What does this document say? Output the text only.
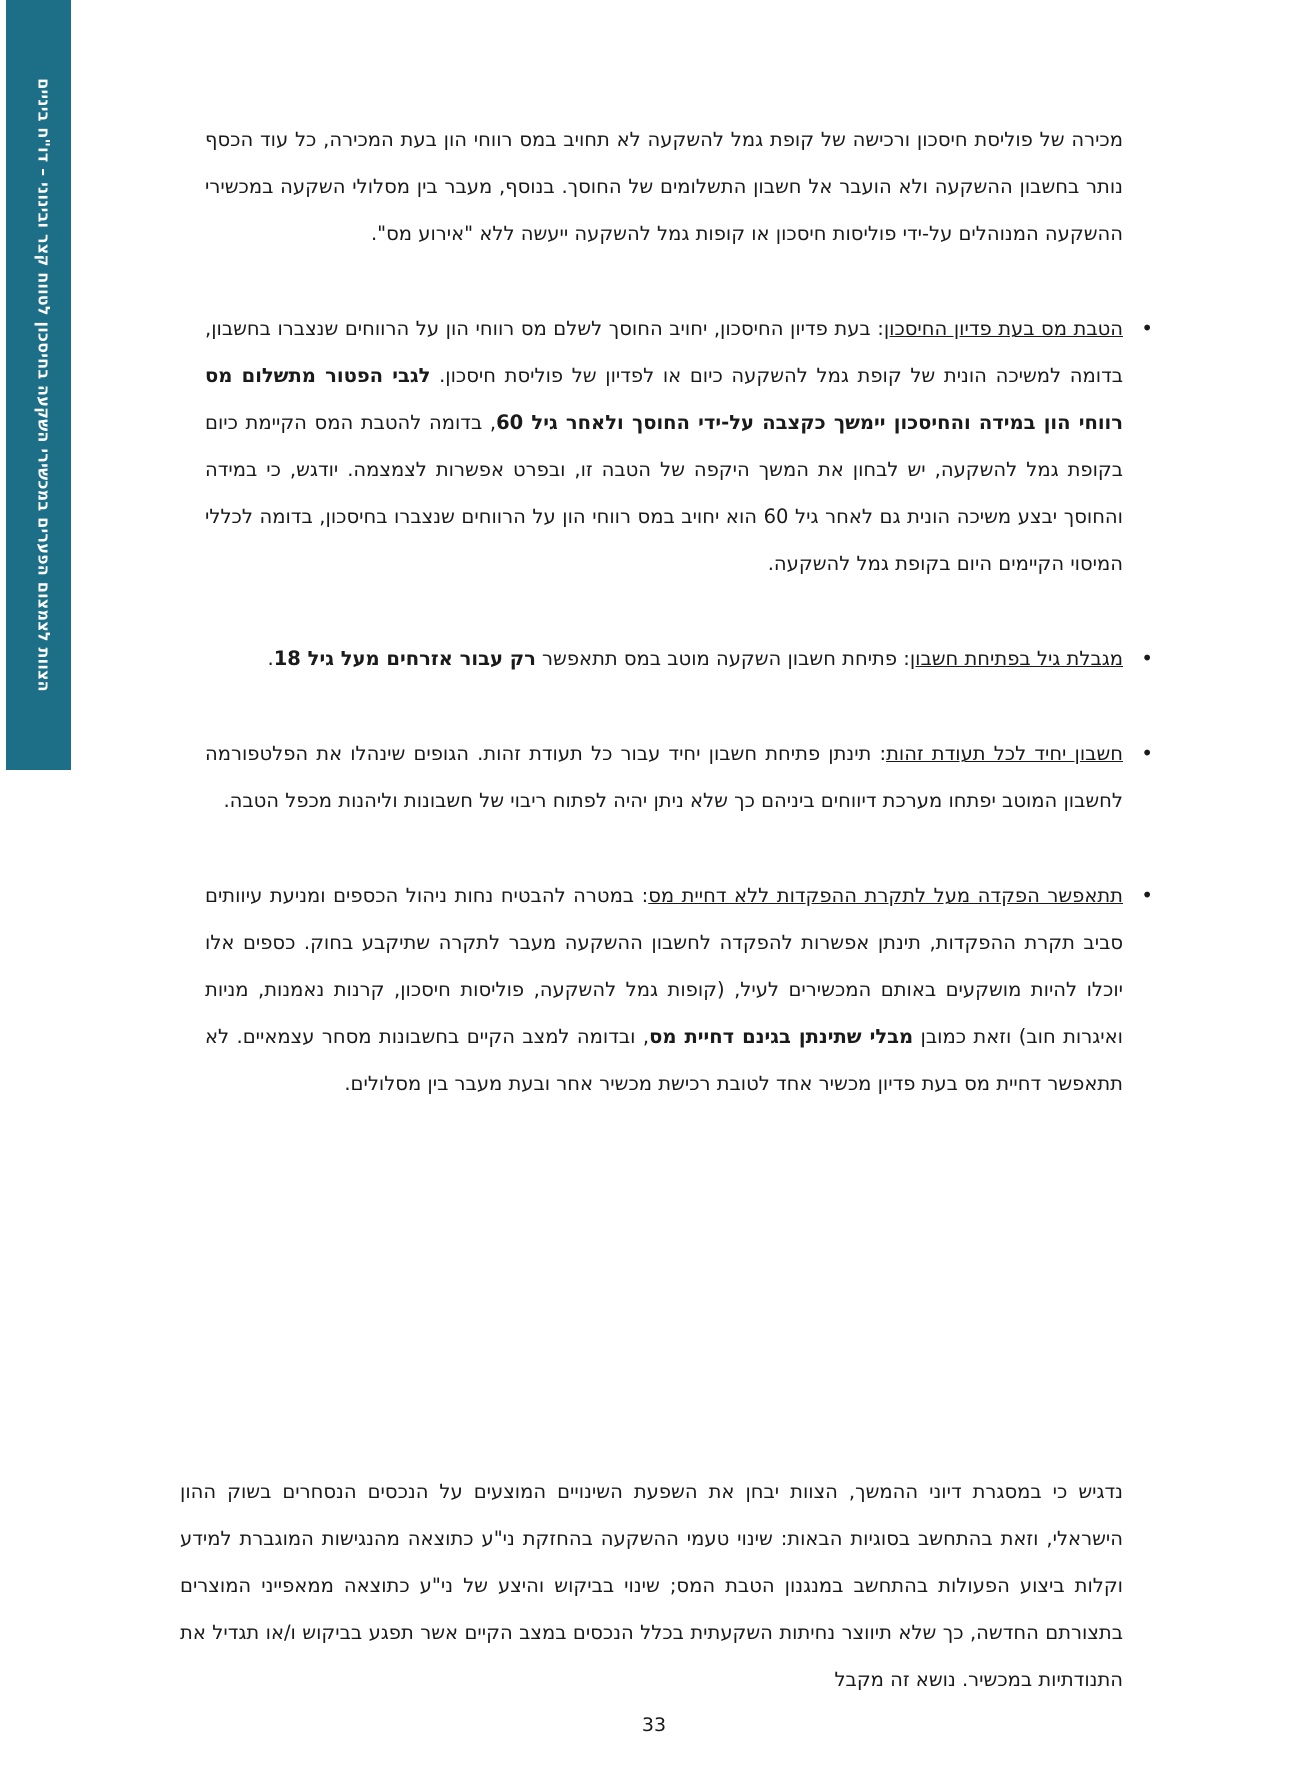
הצוות לצמצום הפערים במכשירי השקעה בחיסכון לטווח קצר ובינוני – דו"ח ביניים	מכירה של פוליסת חיסכון ורכישה של קופת גמל להשקעה לא תחויב במס רווחי הון בעת המכירה, כל עוד הכסף נותר בחשבון ההשקעה ולא הועבר אל חשבון התשלומים של החוסך. בנוסף, מעבר בין מסלולי השקעה במכשירי ההשקעה המנוהלים על-ידי פוליסות חיסכון או קופות גמל להשקעה ייעשה ללא "אירוע מס".

•
הטבת מס בעת פדיון החיסכון: בעת פדיון החיסכון, יחויב החוסך לשלם מס רווחי הון על הרווחים שנצברו בחשבון, בדומה למשיכה הונית של קופת גמל להשקעה כיום או לפדיון של פוליסת חיסכון. לגבי הפטור מתשלום מס רווחי הון במידה והחיסכון יימשך כקצבה על-ידי החוסך ולאחר גיל 60, בדומה להטבת המס הקיימת כיום בקופת גמל להשקעה, יש לבחון את המשך היקפה של הטבה זו, ובפרט אפשרות לצמצמה. יודגש, כי במידה והחוסך יבצע משיכה הונית גם לאחר גיל 60 הוא יחויב במס רווחי הון על הרווחים שנצברו בחיסכון, בדומה לכללי המיסוי הקיימים היום בקופת גמל להשקעה.
•
מגבלת גיל בפתיחת חשבון: פתיחת חשבון השקעה מוטב במס תתאפשר רק עבור אזרחים מעל גיל 18.
•
חשבון יחיד לכל תעודת זהות: תינתן פתיחת חשבון יחיד עבור כל תעודת זהות. הגופים שינהלו את הפלטפורמה לחשבון המוטב יפתחו מערכת דיווחים ביניהם כך שלא ניתן יהיה לפתוח ריבוי של חשבונות וליהנות מכפל הטבה.
•
תתאפשר הפקדה מעל לתקרת ההפקדות ללא דחיית מס: במטרה להבטיח נחות ניהול הכספים ומניעת עיוותים סביב תקרת ההפקדות, תינתן אפשרות להפקדה לחשבון ההשקעה מעבר לתקרה שתיקבע בחוק. כספים אלו יוכלו להיות מושקעים באותם המכשירים לעיל, (קופות גמל להשקעה, פוליסות חיסכון, קרנות נאמנות, מניות ואיגרות חוב) וזאת כמובן מבלי שתינתן בגינם דחיית מס, ובדומה למצב הקיים בחשבונות מסחר עצמאיים. לא תתאפשר דחיית מס בעת פדיון מכשיר אחד לטובת רכישת מכשיר אחר ובעת מעבר בין מסלולים.

נדגיש כי במסגרת דיוני ההמשך, הצוות יבחן את השפעת השינויים המוצעים על הנכסים הנסחרים בשוק ההון הישראלי, וזאת בהתחשב בסוגיות הבאות: שינוי טעמי ההשקעה בהחזקת ני"ע כתוצאה מהנגישות המוגברת למידע וקלות ביצוע הפעולות בהתחשב במנגנון הטבת המס; שינוי בביקוש והיצע של ני"ע כתוצאה ממאפייני המוצרים בתצורתם החדשה, כך שלא תיווצר נחיתות השקעתית בכלל הנכסים במצב הקיים אשר תפגע בביקוש ו/או תגדיל את התנודתיות במכשיר. נושא זה מקבל

33
